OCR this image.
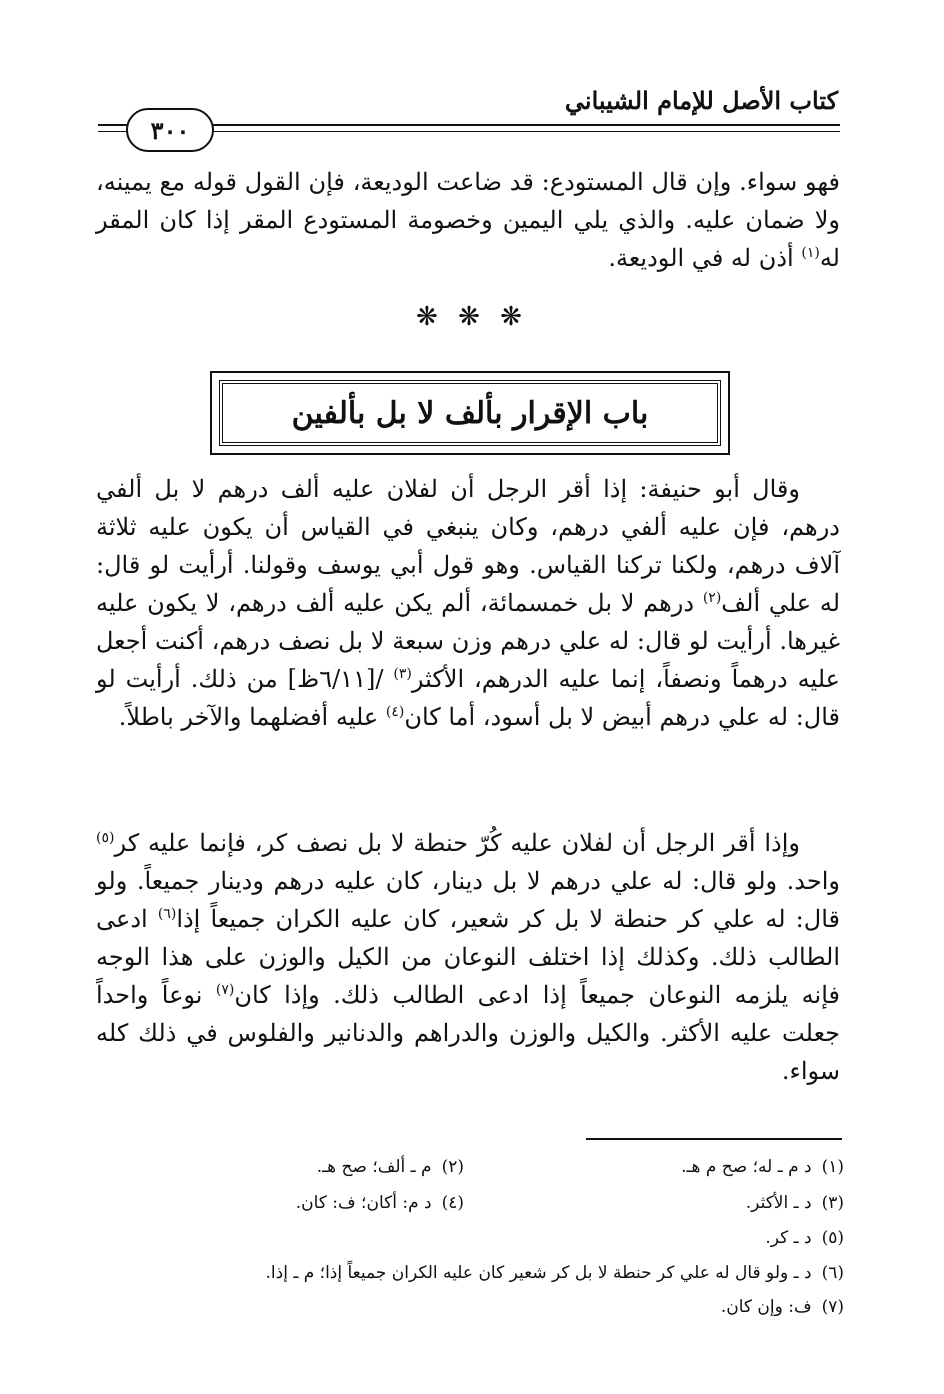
كتاب الأصل للإمام الشيباني
٣٠٠

فهو سواء. وإن قال المستودع: قد ضاعت الوديعة، فإن القول قوله مع يمينه، ولا ضمان عليه. والذي يلي اليمين وخصومة المستودع المقر إذا كان المقر له$^{(١)}$ أذن له في الوديعة.

❋ ❋ ❋
باب الإقرار بألف لا بل بألفين

وقال أبو حنيفة: إذا أقر الرجل أن لفلان عليه ألف درهم لا بل ألفي درهم، فإن عليه ألفي درهم، وكان ينبغي في القياس أن يكون عليه ثلاثة آلاف درهم، ولكنا تركنا القياس. وهو قول أبي يوسف وقولنا. أرأيت لو قال: له علي ألف$^{(٢)}$ درهم لا بل خمسمائة، ألم يكن عليه ألف درهم، لا يكون عليه غيرها. أرأيت لو قال: له علي درهم وزن سبعة لا بل نصف درهم، أكنت أجعل عليه درهماً ونصفاً، إنما عليه الدرهم، الأكثر$^{(٣)}$ /[٦/١١ظ] من ذلك. أرأيت لو قال: له علي درهم أبيض لا بل أسود، أما كان$^{(٤)}$ عليه أفضلهما والآخر باطلاً.

وإذا أقر الرجل أن لفلان عليه كُرّ حنطة لا بل نصف كر، فإنما عليه كر$^{(٥)}$ واحد. ولو قال: له علي درهم لا بل دينار، كان عليه درهم ودينار جميعاً. ولو قال: له علي كر حنطة لا بل كر شعير، كان عليه الكران جميعاً إذا$^{(٦)}$ ادعى الطالب ذلك. وكذلك إذا اختلف النوعان من الكيل والوزن على هذا الوجه فإنه يلزمه النوعان جميعاً إذا ادعى الطالب ذلك. وإذا كان$^{(٧)}$ نوعاً واحداً جعلت عليه الأكثر. والكيل والوزن والدراهم والدنانير والفلوس في ذلك كله سواء.

(١)د م ـ له؛ صح م هـ.
(٢)م ـ ألف؛ صح هـ.
(٣)د ـ الأكثر.
(٤)د م: أكان؛ ف: كان.
(٥)د ـ كر.
(٦)د ـ ولو قال له علي كر حنطة لا بل كر شعير كان عليه الكران جميعاً إذا؛ م ـ إذا.
(٧)ف: وإن كان.
